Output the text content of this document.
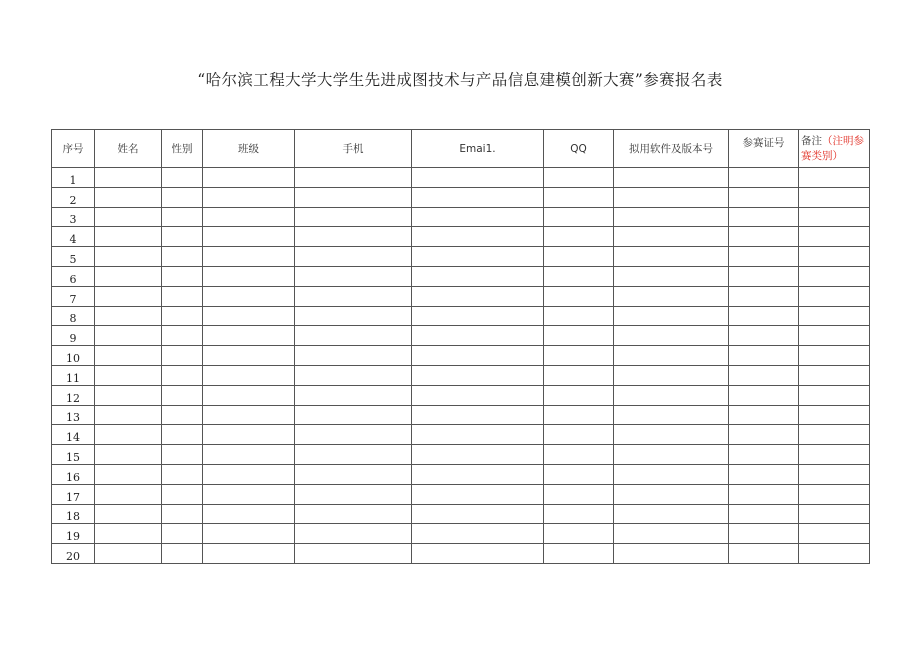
“哈尔滨工程大学大学生先进成图技术与产品信息建模创新大赛”参赛报名表
序号	姓名	性别	班级	手机	Emai1.	QQ	拟用软件及版本号	参赛证号	备注（注明参赛类别）
1									
2									
3									
4									
5									
6									
7									
8									
9									
10									
11									
12									
13									
14									
15									
16									
17									
18									
19									
20									
